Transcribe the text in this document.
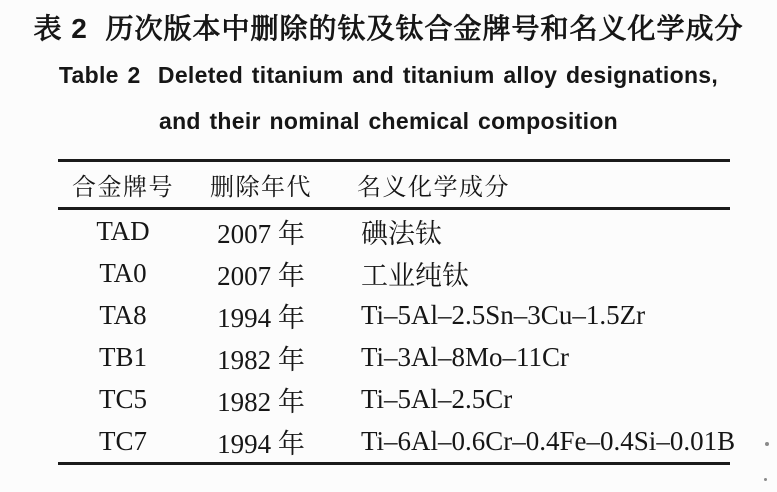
表 2  历次版本中删除的钛及钛合金牌号和名义化学成分
Table 2  Deleted titanium and titanium alloy designations,
and their nominal chemical composition
合金牌号	删除年代	名义化学成分
TAD	2007 年	碘法钛
TA0	2007 年	工业纯钛
TA8	1994 年	Ti–5Al–2.5Sn–3Cu–1.5Zr
TB1	1982 年	Ti–3Al–8Mo–11Cr
TC5	1982 年	Ti–5Al–2.5Cr
TC7	1994 年	Ti–6Al–0.6Cr–0.4Fe–0.4Si–0.01B
